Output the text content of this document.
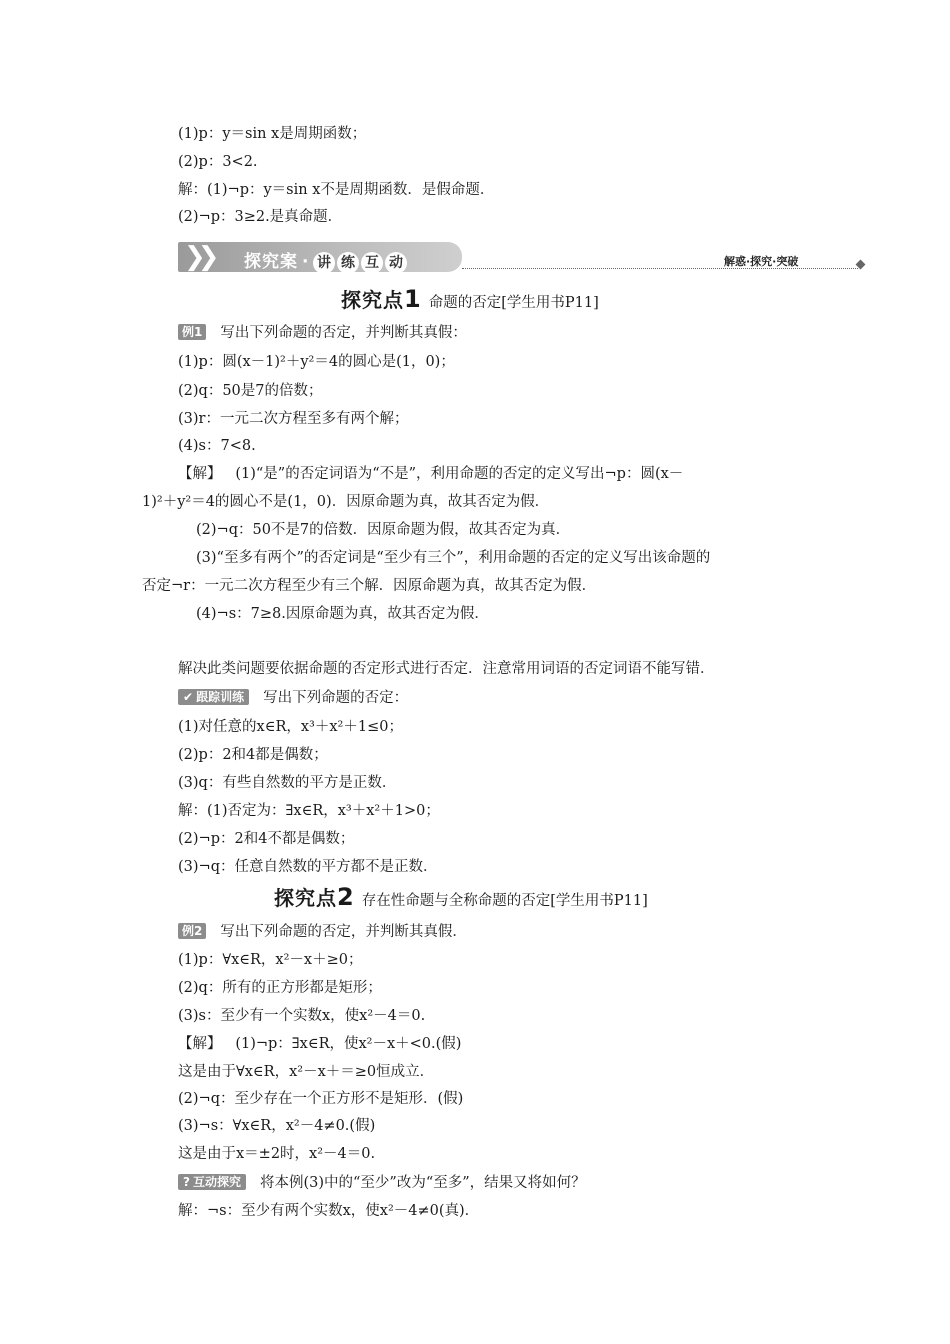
(1)p：y＝sin x是周期函数；
(2)p：3<2.
解：(1)¬p：y＝sin x不是周期函数．是假命题．
(2)¬p：3≥2.是真命题．
❯❯ 探究案 · 讲 练 互 动	解惑·探究·突破
探究点1 命题的否定[学生用书P11]
例1 写出下列命题的否定，并判断其真假：
(1)p：圆(x－1)²＋y²＝4的圆心是(1，0)；
(2)q：50是7的倍数；
(3)r：一元二次方程至多有两个解；
(4)s：7<8.
【解】 (1)“是”的否定词语为“不是”，利用命题的否定的定义写出¬p：圆(x－
1)²＋y²＝4的圆心不是(1，0)．因原命题为真，故其否定为假．
(2)¬q：50不是7的倍数．因原命题为假，故其否定为真．
(3)“至多有两个”的否定词是“至少有三个”，利用命题的否定的定义写出该命题的
否定¬r：一元二次方程至少有三个解．因原命题为真，故其否定为假．
(4)¬s：7≥8.因原命题为真，故其否定为假．
解决此类问题要依据命题的否定形式进行否定．注意常用词语的否定词语不能写错．
✔ 跟踪训练 写出下列命题的否定：
(1)对任意的x∈R，x³＋x²＋1≤0；
(2)p：2和4都是偶数；
(3)q：有些自然数的平方是正数．
解：(1)否定为：∃x∈R，x³＋x²＋1>0；
(2)¬p：2和4不都是偶数；
(3)¬q：任意自然数的平方都不是正数．
探究点2 存在性命题与全称命题的否定[学生用书P11]
例2 写出下列命题的否定，并判断其真假．
(1)p：∀x∈R，x²－x＋≥0；
(2)q：所有的正方形都是矩形；
(3)s：至少有一个实数x，使x²－4＝0.
【解】 (1)¬p：∃x∈R，使x²－x＋<0.(假)
这是由于∀x∈R，x²－x＋＝≥0恒成立．
(2)¬q：至少存在一个正方形不是矩形．(假)
(3)¬s：∀x∈R，x²－4≠0.(假)
这是由于x＝±2时，x²－4＝0.
? 互动探究 将本例(3)中的“至少”改为“至多”，结果又将如何？
解：¬s：至少有两个实数x，使x²－4≠0(真)．
